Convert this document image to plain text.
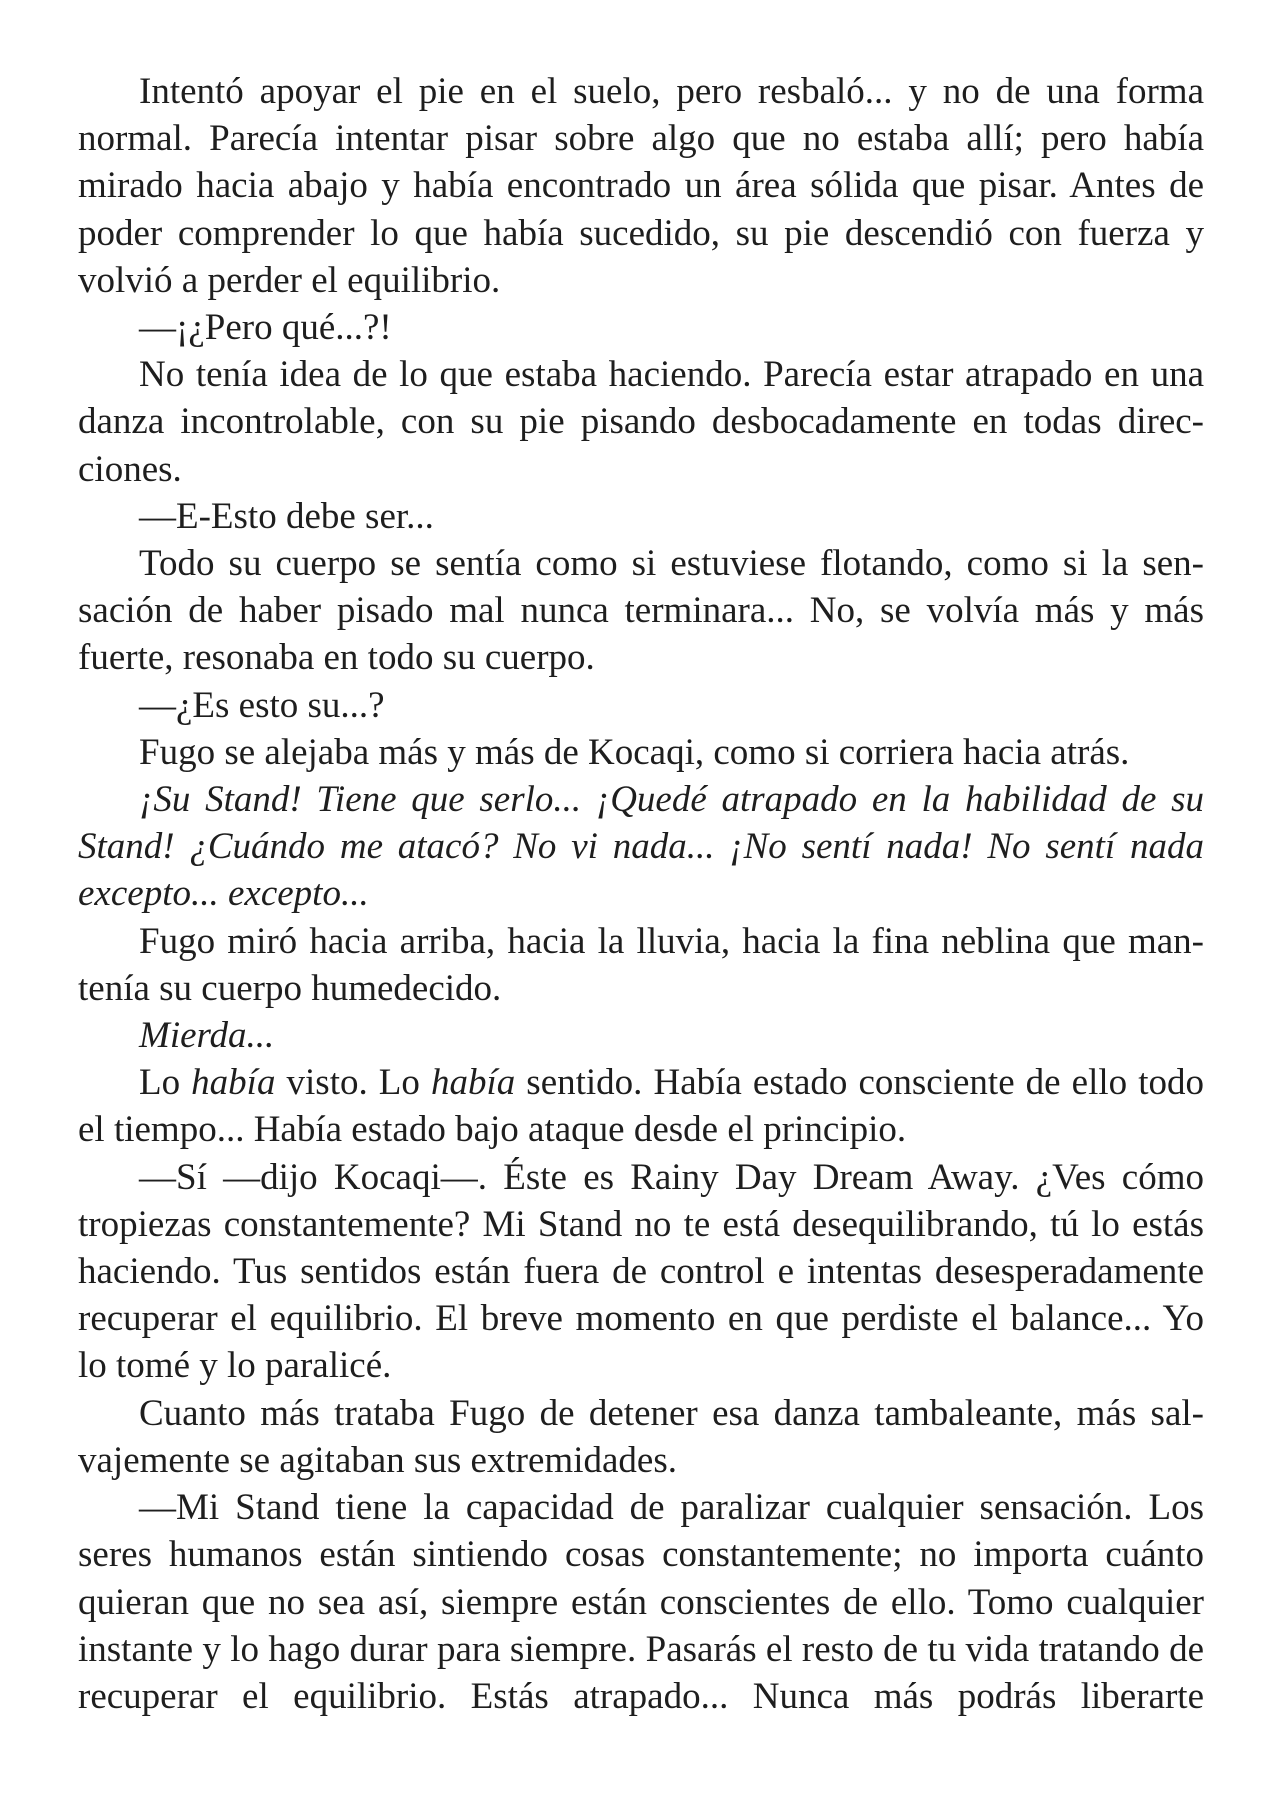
Intentó apoyar el pie en el suelo, pero resbaló... y no de una forma normal. Parecía intentar pisar sobre algo que no estaba allí; pero había mirado hacia abajo y había encontrado un área sólida que pisar. Antes de poder comprender lo que había sucedido, su pie descendió con fuerza y volvió a perder el equilibrio.

—¡¿Pero qué...?!

No tenía idea de lo que estaba haciendo. Parecía estar atrapado en una danza incontrolable, con su pie pisando desbocadamente en todas direcciones.

—E-Esto debe ser...

Todo su cuerpo se sentía como si estuviese flotando, como si la sensación de haber pisado mal nunca terminara... No, se volvía más y más fuerte, resonaba en todo su cuerpo.

—¿Es esto su...?

Fugo se alejaba más y más de Kocaqi, como si corriera hacia atrás.

¡Su Stand! Tiene que serlo... ¡Quedé atrapado en la habilidad de su Stand! ¿Cuándo me atacó? No vi nada... ¡No sentí nada! No sentí nada excepto... excepto...

Fugo miró hacia arriba, hacia la lluvia, hacia la fina neblina que mantenía su cuerpo humedecido.

Mierda...

Lo había visto. Lo había sentido. Había estado consciente de ello todo el tiempo... Había estado bajo ataque desde el principio.

—Sí —dijo Kocaqi—. Éste es Rainy Day Dream Away. ¿Ves cómo tropiezas constantemente? Mi Stand no te está desequilibrando, tú lo estás haciendo. Tus sentidos están fuera de control e intentas desesperadamente recuperar el equilibrio. El breve momento en que perdiste el balance... Yo lo tomé y lo paralicé.

Cuanto más trataba Fugo de detener esa danza tambaleante, más salvajemente se agitaban sus extremidades.

—Mi Stand tiene la capacidad de paralizar cualquier sensación. Los seres humanos están sintiendo cosas constantemente; no importa cuánto quieran que no sea así, siempre están conscientes de ello. Tomo cualquier instante y lo hago durar para siempre. Pasarás el resto de tu vida tratando de recuperar el equilibrio. Estás atrapado... Nunca más podrás liberarte
